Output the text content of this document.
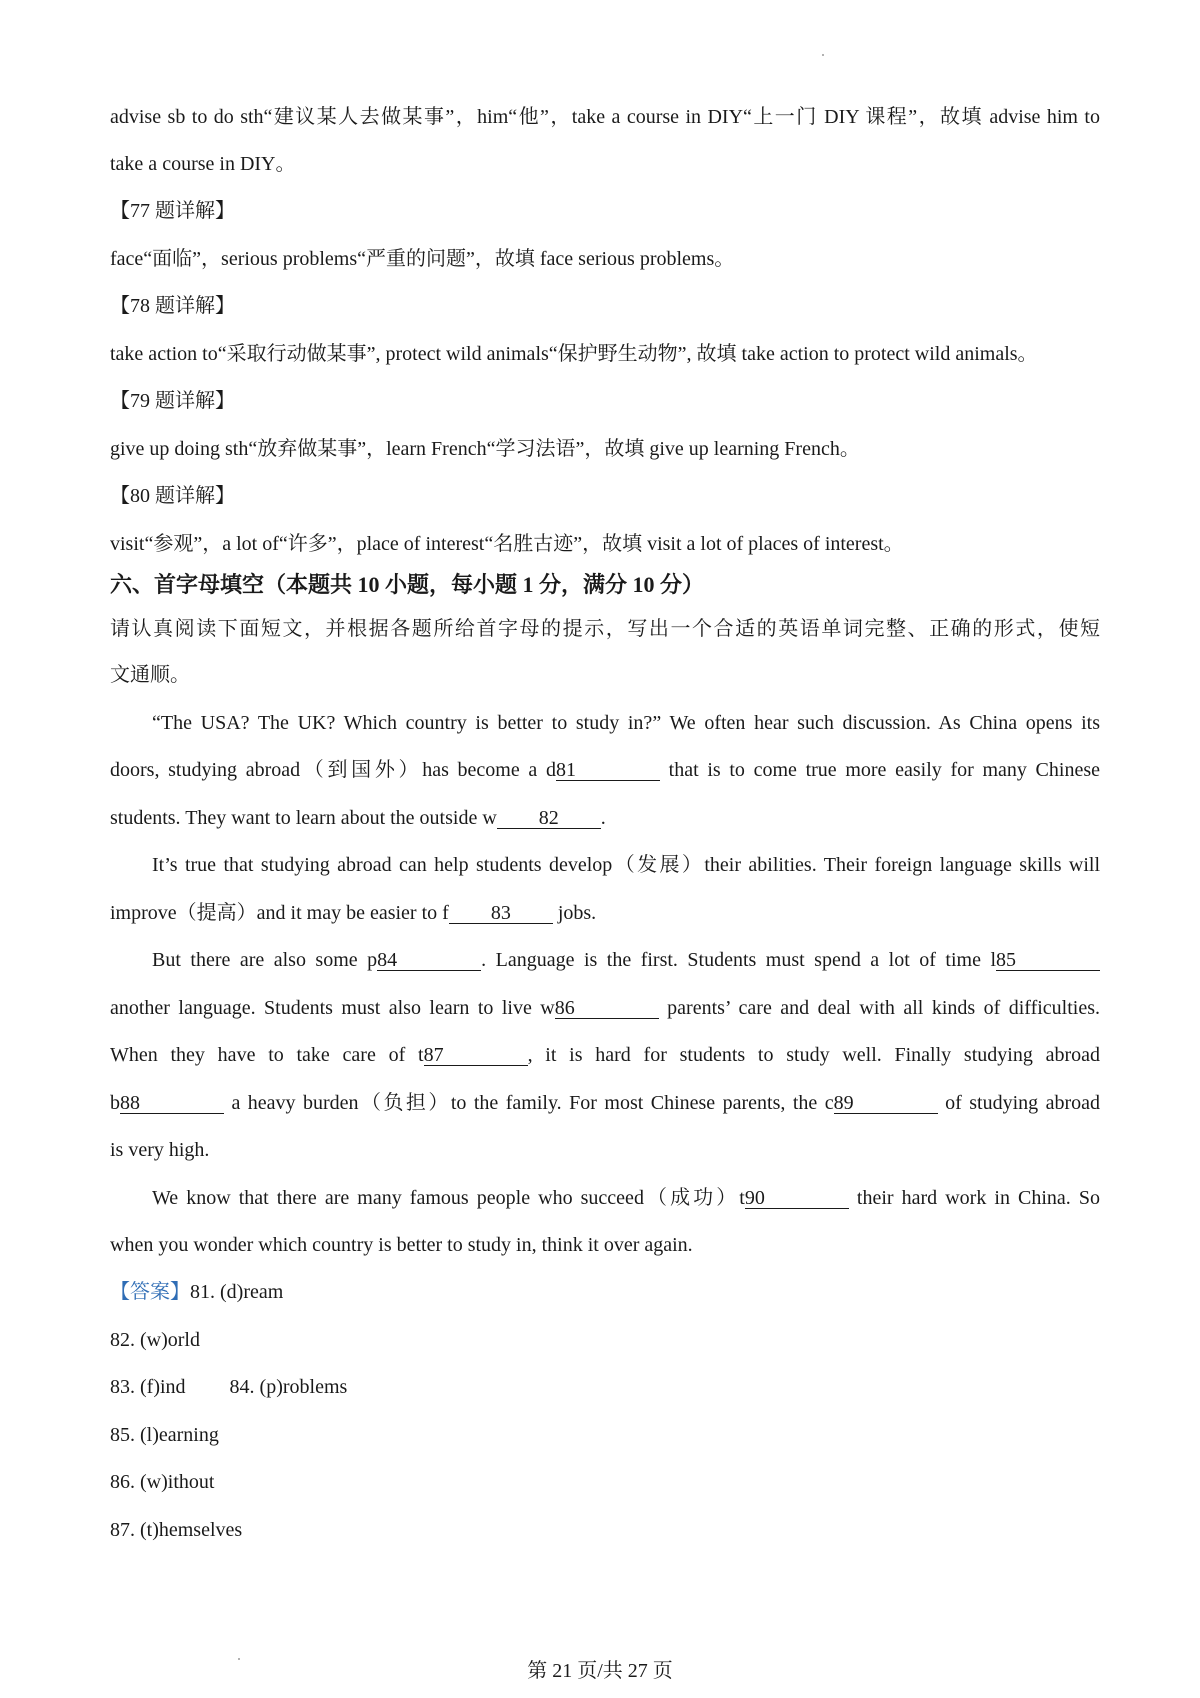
advise sb to do sth“建议某人去做某事”，him“他”，take a course in DIY“上一门 DIY 课程”，故填 advise him to
take a course in DIY。
【77 题详解】
face“面临”，serious problems“严重的问题”，故填 face serious problems。
【78 题详解】
take action to“采取行动做某事”, protect wild animals“保护野生动物”, 故填 take action to protect wild animals。
【79 题详解】
give up doing sth“放弃做某事”，learn French“学习法语”，故填 give up learning French。
【80 题详解】
visit“参观”，a lot of“许多”，place of interest“名胜古迹”，故填 visit a lot of places of interest。
六、首字母填空（本题共 10 小题，每小题 1 分，满分 10 分）
请认真阅读下面短文，并根据各题所给首字母的提示，写出一个合适的英语单词完整、正确的形式，使短
文通顺。
“The USA? The UK? Which country is better to study in?” We often hear such discussion. As China opens its
doors, studying abroad（到国外）has become a d81	that is to come true more easily for many Chinese
students. They want to learn about the outside w 82 .
It’s true that studying abroad can help students develop（发展）their abilities. Their foreign language skills will
improve（提高）and it may be easier to f 83 jobs.
But there are also some p84	. Language is the first. Students must spend a lot of time l85
another language. Students must also learn to live w86	parents’ care and deal with all kinds of difficulties.
When they have to take care of t87	, it is hard for students to study well. Finally studying abroad
b88	a heavy burden（负担）to the family. For most Chinese parents, the c89	of studying abroad
is very high.
We know that there are many famous people who succeed（成功）t90	their hard work in China. So
when you wonder which country is better to study in, think it over again.
【答案】81. (d)ream
82. (w)orld
83. (f)ind 84. (p)roblems
85. (l)earning
86. (w)ithout
87. (t)hemselves
第 21 页/共 27 页
